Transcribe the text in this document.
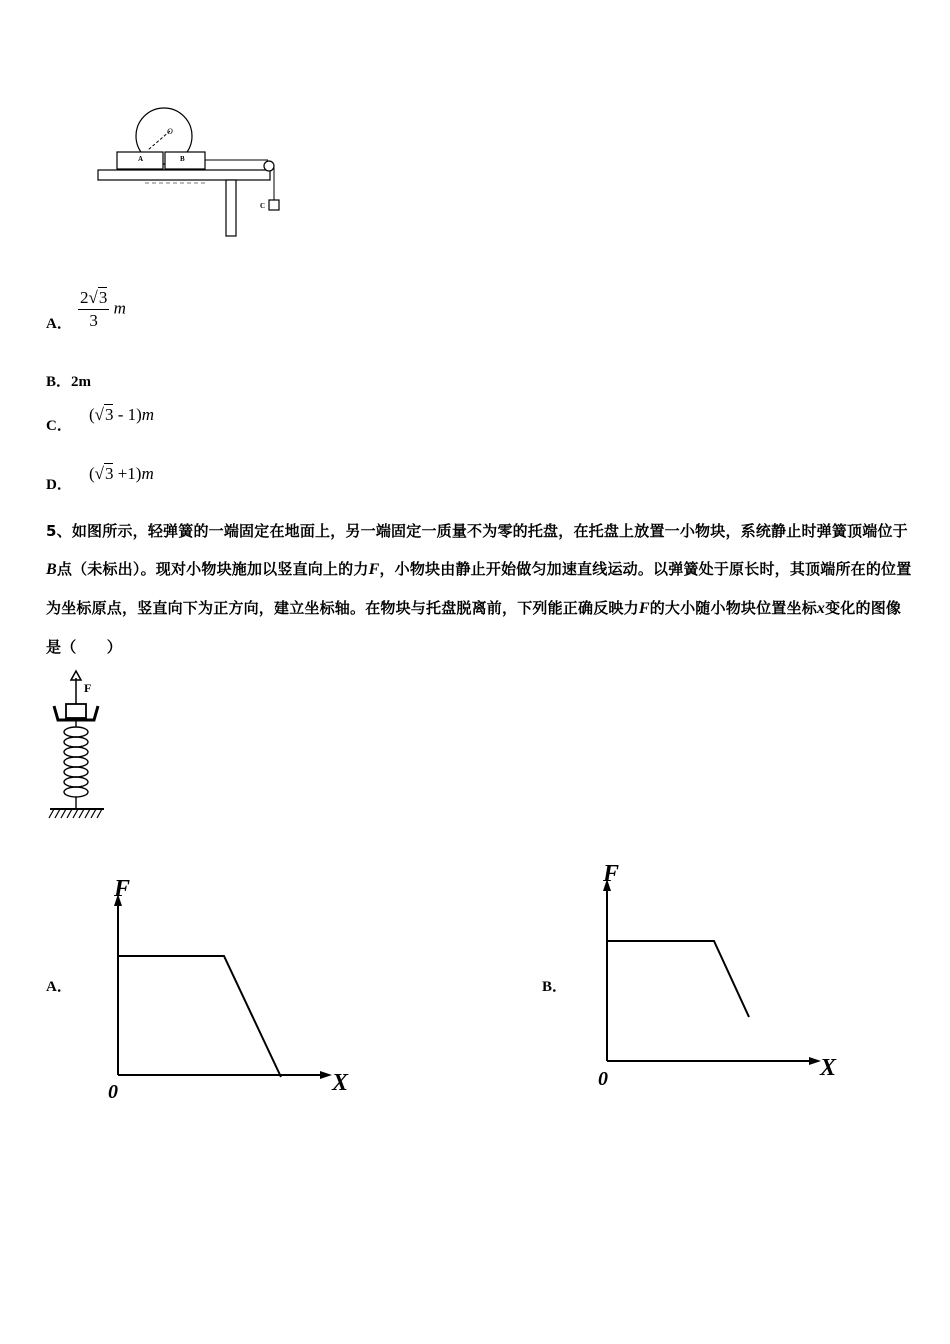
O
A	B
C
A． $\frac{2√3}{3}$ m
B．2m
C． (√3 - 1)m
D． (√3 +1)m
5、如图所示，轻弹簧的一端固定在地面上，另一端固定一质量不为零的托盘，在托盘上放置一小物块，系统静止时弹簧顶端位于B点（未标出）。现对小物块施加以竖直向上的力F，小物块由静止开始做匀加速直线运动。以弹簧处于原长时，其顶端所在的位置为坐标原点，竖直向下为正方向，建立坐标轴。在物块与托盘脱离前，下列能正确反映力F的大小随小物块位置坐标x变化的图像是（　　）
F
A．
F
X
0
B．
F
X
0
